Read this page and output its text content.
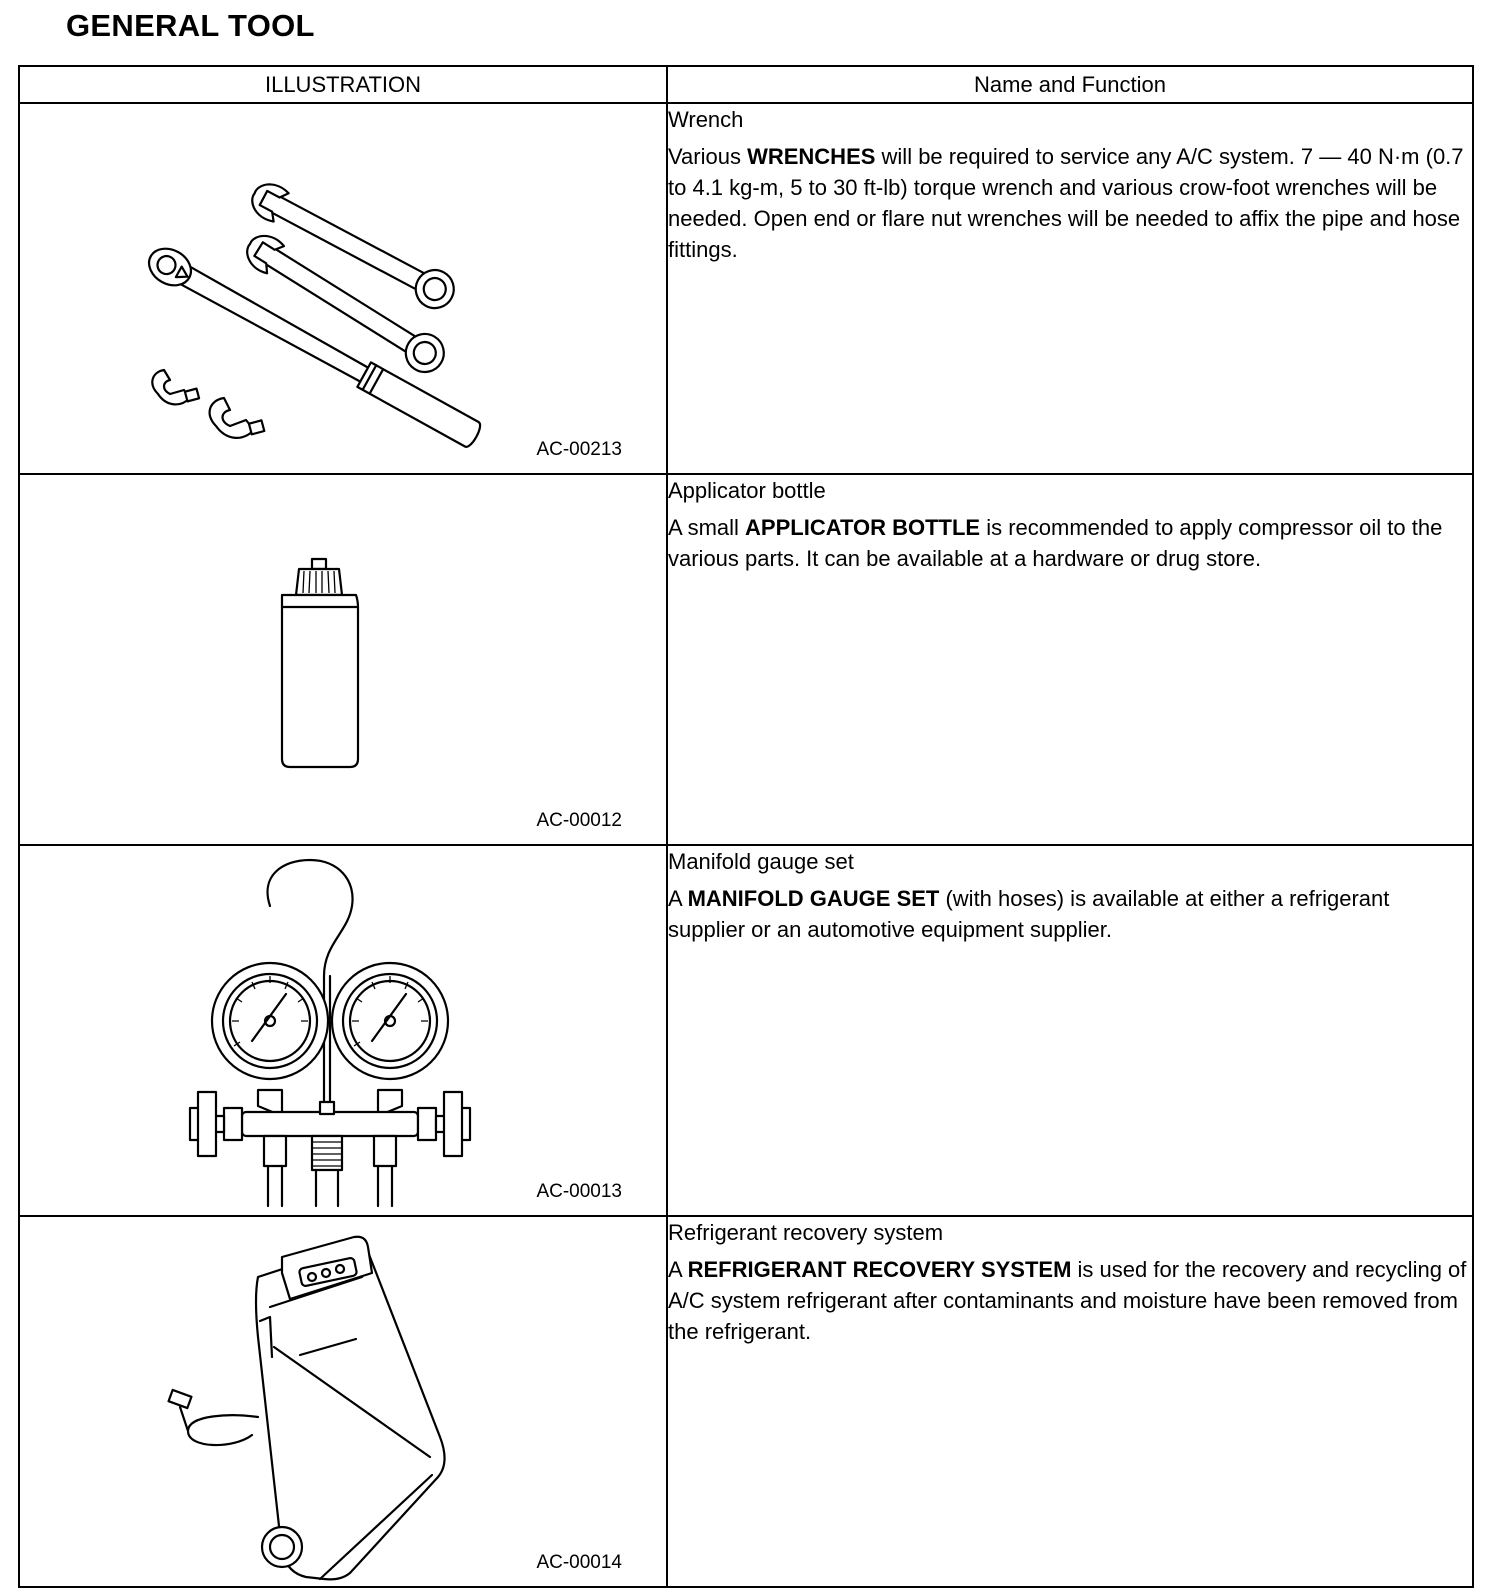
GENERAL TOOL
ILLUSTRATION	Name and Function

AC-00213	Wrench
Various WRENCHES will be required to service any A/C system. 7 — 40 N·m (0.7 to 4.1 kg-m, 5 to 30 ft-lb) torque wrench and various crow-foot wrenches will be needed. Open end or flare nut wrenches will be needed to affix the pipe and hose fittings.

AC-00012	Applicator bottle
A small APPLICATOR BOTTLE is recommended to apply compressor oil to the various parts. It can be available at a hardware or drug store.

AC-00013	Manifold gauge set
A MANIFOLD GAUGE SET (with hoses) is available at either a refrigerant supplier or an automotive equipment supplier.

AC-00014	Refrigerant recovery system
A REFRIGERANT RECOVERY SYSTEM is used for the recovery and recycling of A/C system refrigerant after contaminants and moisture have been removed from the refrigerant.
